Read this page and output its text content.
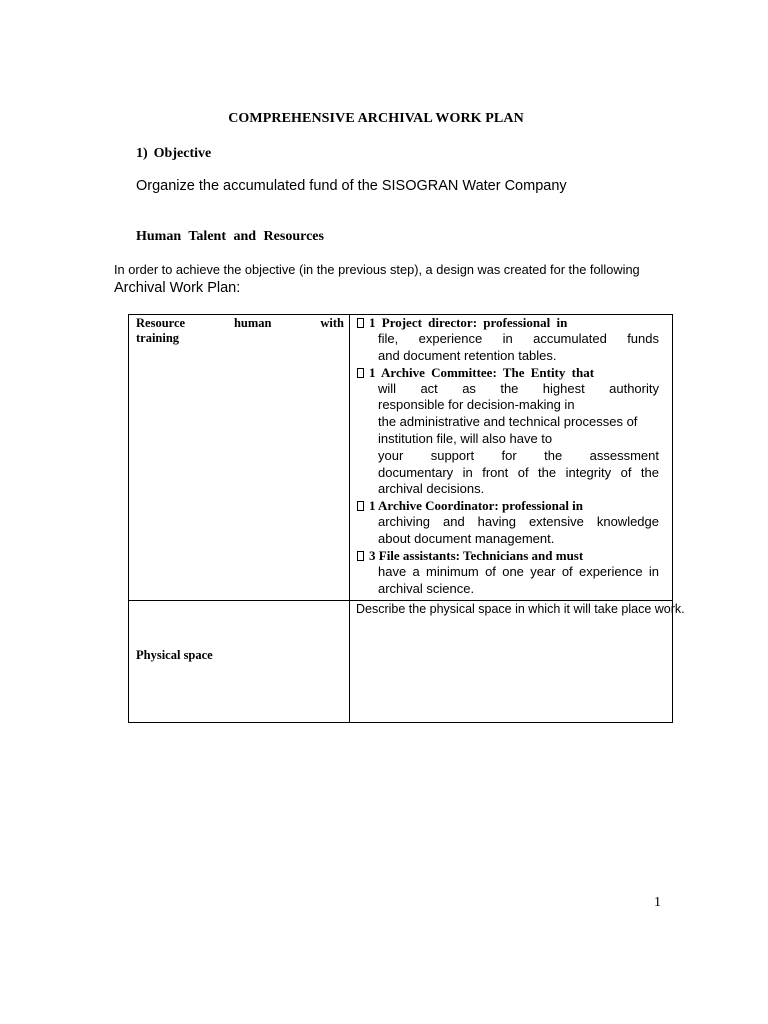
COMPREHENSIVE ARCHIVAL WORK PLAN
1) Objective
Organize the accumulated fund of the SISOGRAN Water Company
Human Talent and Resources
In order to achieve the objective (in the previous step), a design was created for the following
Archival Work Plan:
Resource	human	with
training
1 Project director: professional in
file, experience in accumulated funds
and document retention tables.
1 Archive Committee: The Entity that
will act as the highest authority
responsible for decision-making in
the administrative and technical processes of
institution file, will also have to
your support for the assessment
documentary in front of the integrity of the
archival decisions.
1 Archive Coordinator: professional in
archiving and having extensive knowledge
about document management.
3 File assistants: Technicians and must
have a minimum of one year of experience in
archival science.
Physical space
Describe the physical space in which it will take place work.
1
